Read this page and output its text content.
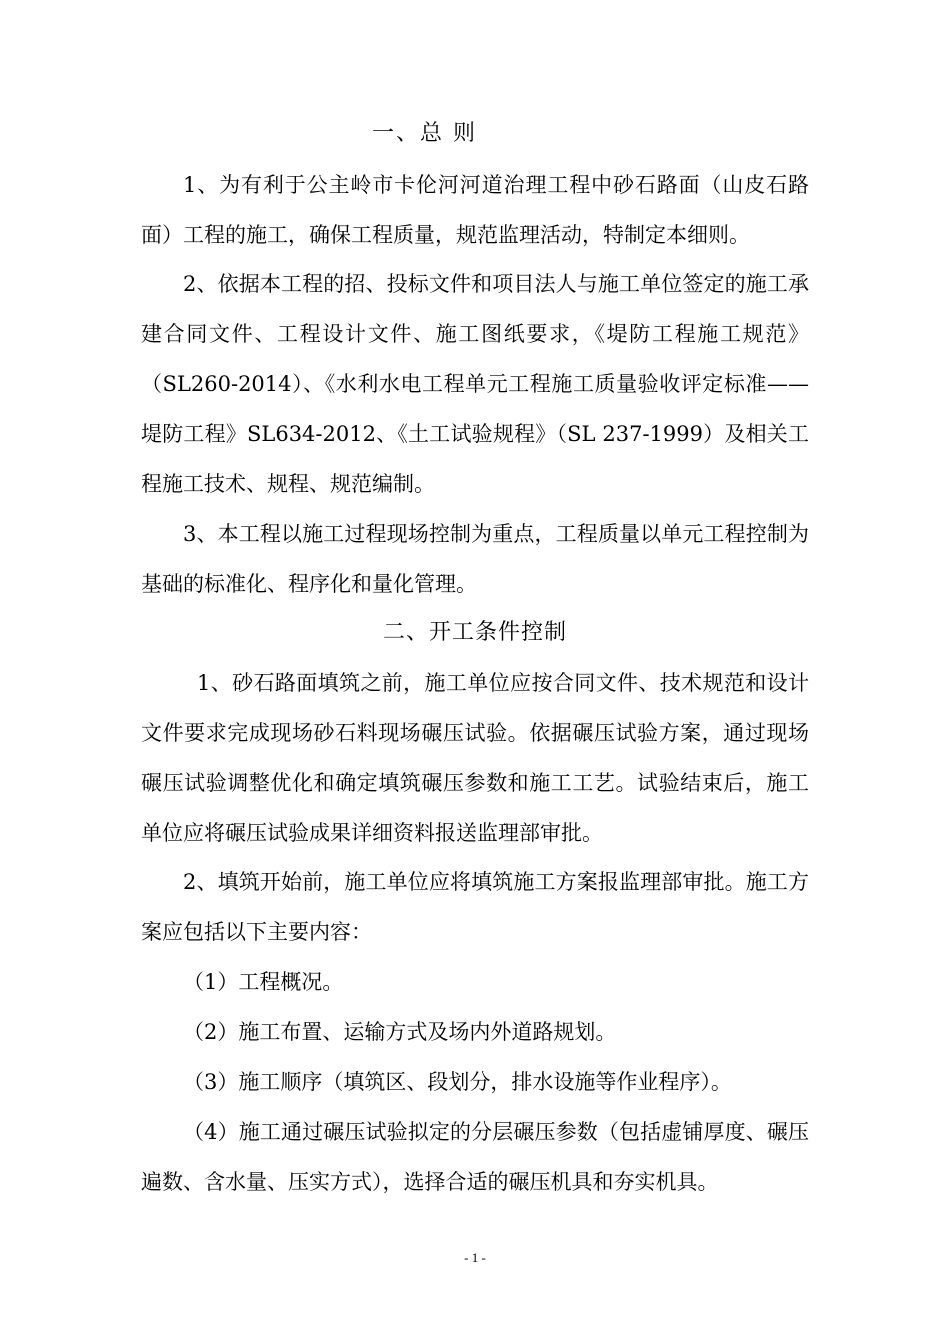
一、总 则

1、为有利于公主岭市卡伦河河道治理工程中砂石路面（山皮石路面）工程的施工，确保工程质量，规范监理活动，特制定本细则。

2、依据本工程的招、投标文件和项目法人与施工单位签定的施工承建合同文件、工程设计文件、施工图纸要求，《堤防工程施工规范》（SL260-2014）、《水利水电工程单元工程施工质量验收评定标准——堤防工程》SL634-2012、《土工试验规程》（SL 237-1999）及相关工程施工技术、规程、规范编制。

3、本工程以施工过程现场控制为重点，工程质量以单元工程控制为基础的标准化、程序化和量化管理。

二、开工条件控制

1、砂石路面填筑之前，施工单位应按合同文件、技术规范和设计文件要求完成现场砂石料现场碾压试验。依据碾压试验方案，通过现场碾压试验调整优化和确定填筑碾压参数和施工工艺。试验结束后，施工单位应将碾压试验成果详细资料报送监理部审批。

2、填筑开始前，施工单位应将填筑施工方案报监理部审批。施工方案应包括以下主要内容：

（1）工程概况。

（2）施工布置、运输方式及场内外道路规划。

（3）施工顺序（填筑区、段划分，排水设施等作业程序）。

（4）施工通过碾压试验拟定的分层碾压参数（包括虚铺厚度、碾压遍数、含水量、压实方式），选择合适的碾压机具和夯实机具。

- 1 -
